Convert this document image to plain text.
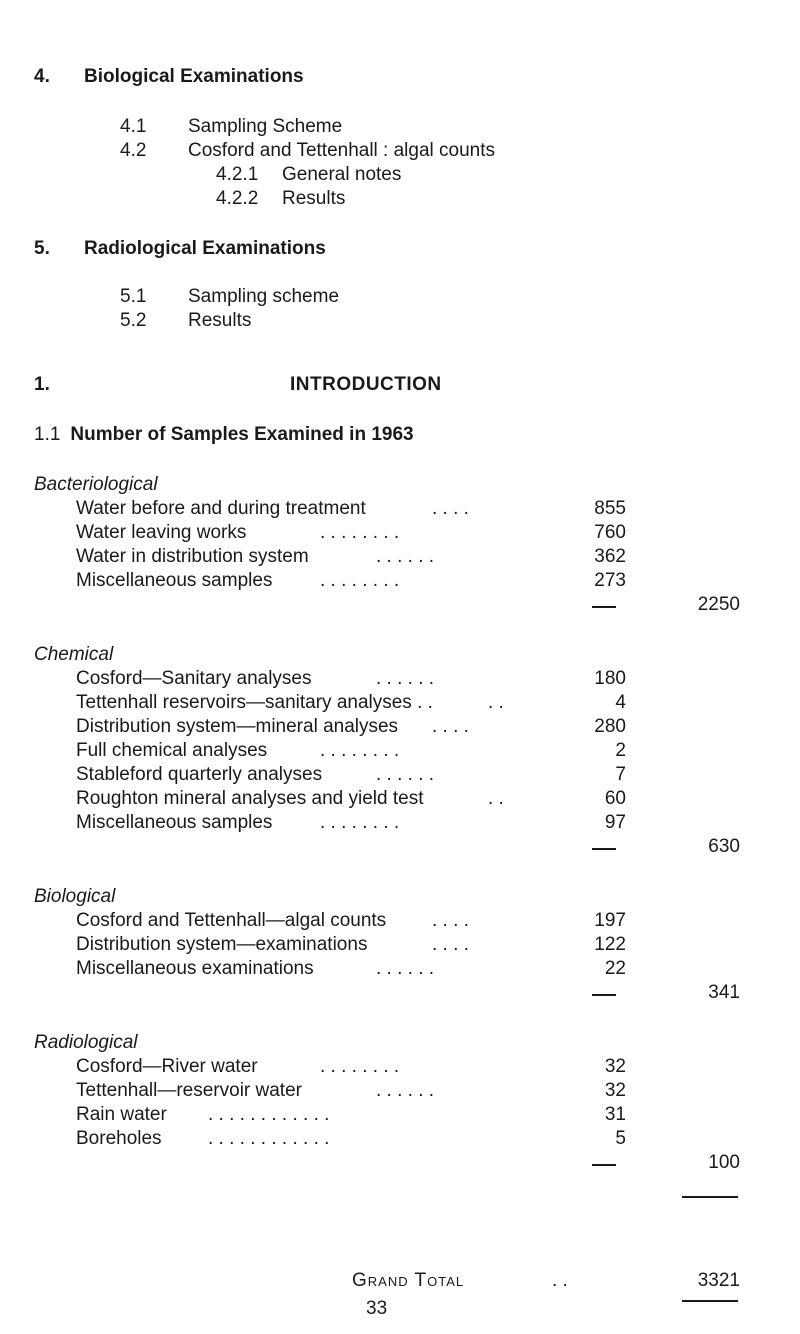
4. Biological Examinations
4.1 Sampling Scheme
4.2 Cosford and Tettenhall : algal counts
4.2.1 General notes
4.2.2 Results
5. Radiological Examinations
5.1 Sampling scheme
5.2 Results
1.	INTRODUCTION
1.1 Number of Samples Examined in 1963
Bacteriological
Water before and during treatment	. . . .	855
Water leaving works	. . . . . . . .	760
Water in distribution system	. . . . . .	362
Miscellaneous samples	. . . . . . . .	273
2250
Chemical
Cosford—Sanitary analyses	. . . . . .	180
Tettenhall reservoirs—sanitary analyses . .	. .	4
Distribution system—mineral analyses . . . .	280
Full chemical analyses	. . . . . . . .	2
Stableford quarterly analyses	. . . . . .	7
Roughton mineral analyses and yield test	. .	60
Miscellaneous samples	. . . . . . . .	97
630
Biological
Cosford and Tettenhall—algal counts . . . .	197
Distribution system—examinations	. . . .	122
Miscellaneous examinations	. . . . . .	22
341
Radiological
Cosford—River water	. . . . . . . .	32
Tettenhall—reservoir water	. . . . . .	32
Rain water . . . . . . . . . . . .	31
Boreholes . . . . . . . . . . . .	5
100
Grand Total	. .	3321
33
